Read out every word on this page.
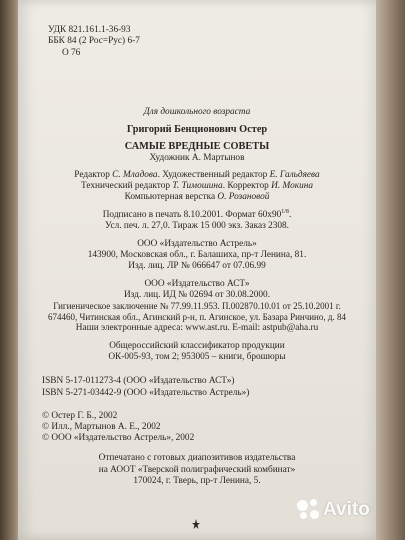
УДК 821.161.1-36-93
ББК 84 (2 Рос=Рус) 6-7
О 76
Для дошкольного возраста
Григорий Бенционович Остер
САМЫЕ ВРЕДНЫЕ СОВЕТЫ
Художник А. Мартынов
Редактор С. Младова. Художественный редактор Е. Гальдяева
Технический редактор Т. Тимошина. Корректор И. Мокина
Компьютерная верстка О. Розановой
Подписано в печать 8.10.2001. Формат $60х90^{1/8}$.
Усл. печ. л. 27,0. Тираж 15 000 экз. Заказ 2308.
ООО «Издательство Астрель»
143900, Московская обл., г. Балашиха, пр-т Ленина, 81.
Изд. лиц. ЛР № 066647 от 07.06.99
ООО «Издательство АСТ»
Изд. лиц. ИД № 02694 от 30.08.2000.
Гигиеническое заключение № 77.99.11.953. П.002870.10.01 от 25.10.2001 г.
674460, Читинская обл., Агинский р-н, п. Агинское, ул. Базара Ринчино, д. 84
Наши электронные адреса: www.ast.ru. E-mail: astpub@aha.ru
Общероссийский классификатор продукции
ОК-005-93, том 2; 953005 – книги, брошюры
ISBN 5-17-011273-4 (ООО «Издательство АСТ»)
ISBN 5-271-03442-9 (ООО «Издательство Астрель»)
© Остер Г. Б., 2002
© Илл., Мартынов А. Е., 2002
© ООО «Издательство Астрель», 2002
Отпечатано с готовых диапозитивов издательства
на АООТ «Тверской полиграфический комбинат»
170024, г. Тверь, пр-т Ленина, 5.
Avito
